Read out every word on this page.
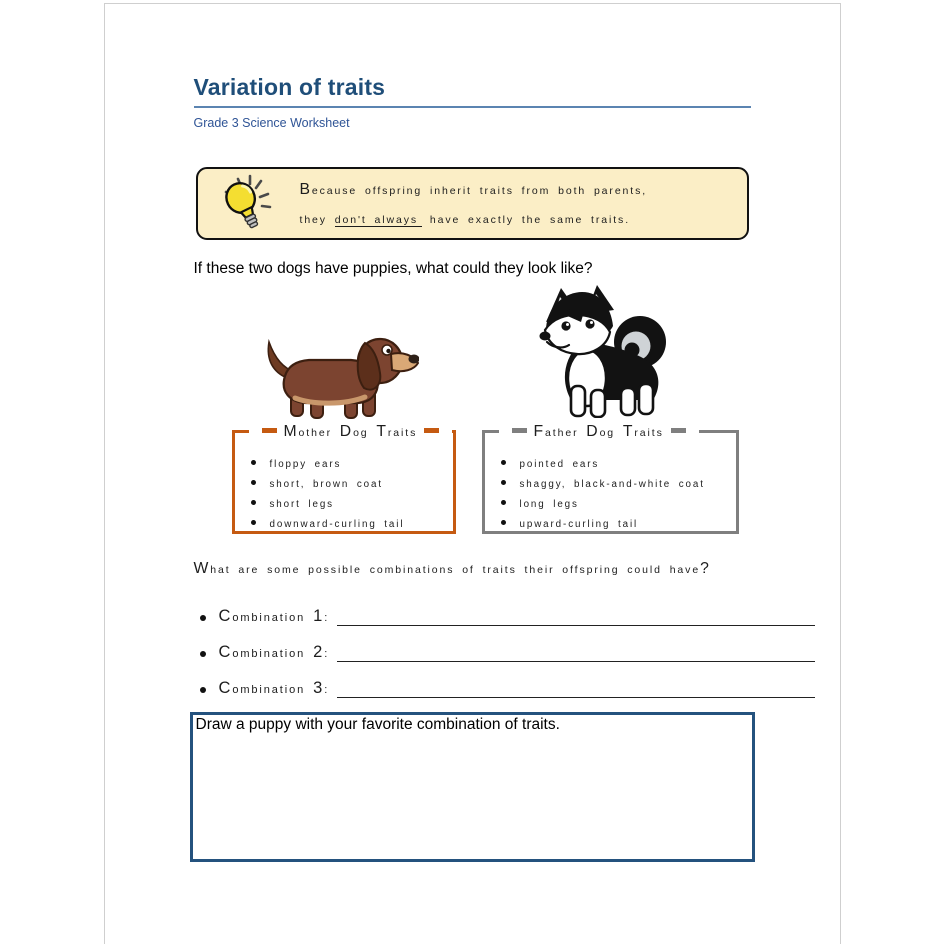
Variation of traits
Grade 3 Science Worksheet
Because offspring inherit traits from both parents,
they don't always have exactly the same traits.
If these two dogs have puppies, what could they look like?
Mother Dog Traits
floppy ears
short, brown coat
short legs
downward-curling tail
Father Dog Traits
pointed ears
shaggy, black-and-white coat
long legs
upward-curling tail
What are some possible combinations of traits their offspring could have?
Combination 1:
Combination 2:
Combination 3:
Draw a puppy with your favorite combination of traits.
